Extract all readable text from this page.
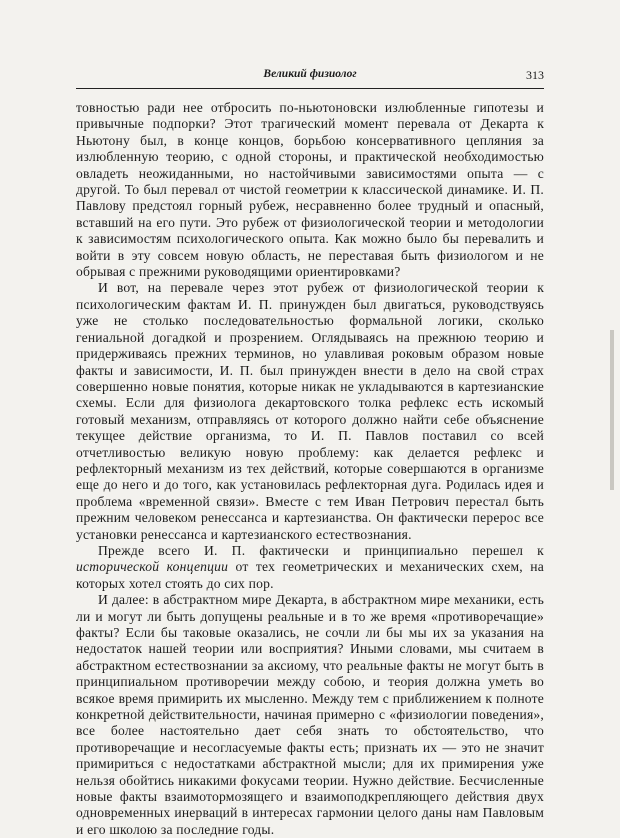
Великий физиолог	313

товностью ради нее отбросить по-ньютоновски излюбленные гипотезы и привычные подпорки? Этот трагический момент перевала от Декарта к Ньютону был, в конце концов, борьбою консервативного цепляния за излюбленную теорию, с одной стороны, и практической необходимостью овладеть неожиданными, но настойчивыми зависимостями опыта — с другой. То был перевал от чистой геометрии к классической динамике. И. П. Павлову предстоял горный рубеж, несравненно более трудный и опасный, вставший на его пути. Это рубеж от физиологической теории и методологии к зависимостям психологического опыта. Как можно было бы перевалить и войти в эту совсем новую область, не переставая быть физиологом и не обрывая с прежними руководящими ориентировками?

И вот, на перевале через этот рубеж от физиологической теории к психологическим фактам И. П. принужден был двигаться, руководствуясь уже не столько последовательностью формальной логики, сколько гениальной догадкой и прозрением. Оглядываясь на прежнюю теорию и придерживаясь прежних терминов, но улавливая роковым образом новые факты и зависимости, И. П. был принужден внести в дело на свой страх совершенно новые понятия, которые никак не укладываются в картезианские схемы. Если для физиолога декартовского толка рефлекс есть искомый готовый механизм, отправляясь от которого должно найти себе объяснение текущее действие организма, то И. П. Павлов поставил со всей отчетливостью великую новую проблему: как делается рефлекс и рефлекторный механизм из тех действий, которые совершаются в организме еще до него и до того, как установилась рефлекторная дуга. Родилась идея и проблема «временной связи». Вместе с тем Иван Петрович перестал быть прежним человеком ренессанса и картезианства. Он фактически перерос все установки ренессанса и картезианского естествознания.

Прежде всего И. П. фактически и принципиально перешел к исторической концепции от тех геометрических и механических схем, на которых хотел стоять до сих пор.

И далее: в абстрактном мире Декарта, в абстрактном мире механики, есть ли и могут ли быть допущены реальные и в то же время «противоречащие» факты? Если бы таковые оказались, не сочли ли бы мы их за указания на недостаток нашей теории или восприятия? Иными словами, мы считаем в абстрактном естествознании за аксиому, что реальные факты не могут быть в принципиальном противоречии между собою, и теория должна уметь во всякое время примирить их мысленно. Между тем с приближением к полноте конкретной действительности, начиная примерно с «физиологии поведения», все более настоятельно дает себя знать то обстоятельство, что противоречащие и несогласуемые факты есть; признать их — это не значит примириться с недостатками абстрактной мысли; для их примирения уже нельзя обойтись никакими фокусами теории. Нужно действие. Бесчисленные новые факты взаимотормозящего и взаимоподкрепляющего действия двух одновременных инерваций в интересах гармонии целого даны нам Павловым и его школою за последние годы.
